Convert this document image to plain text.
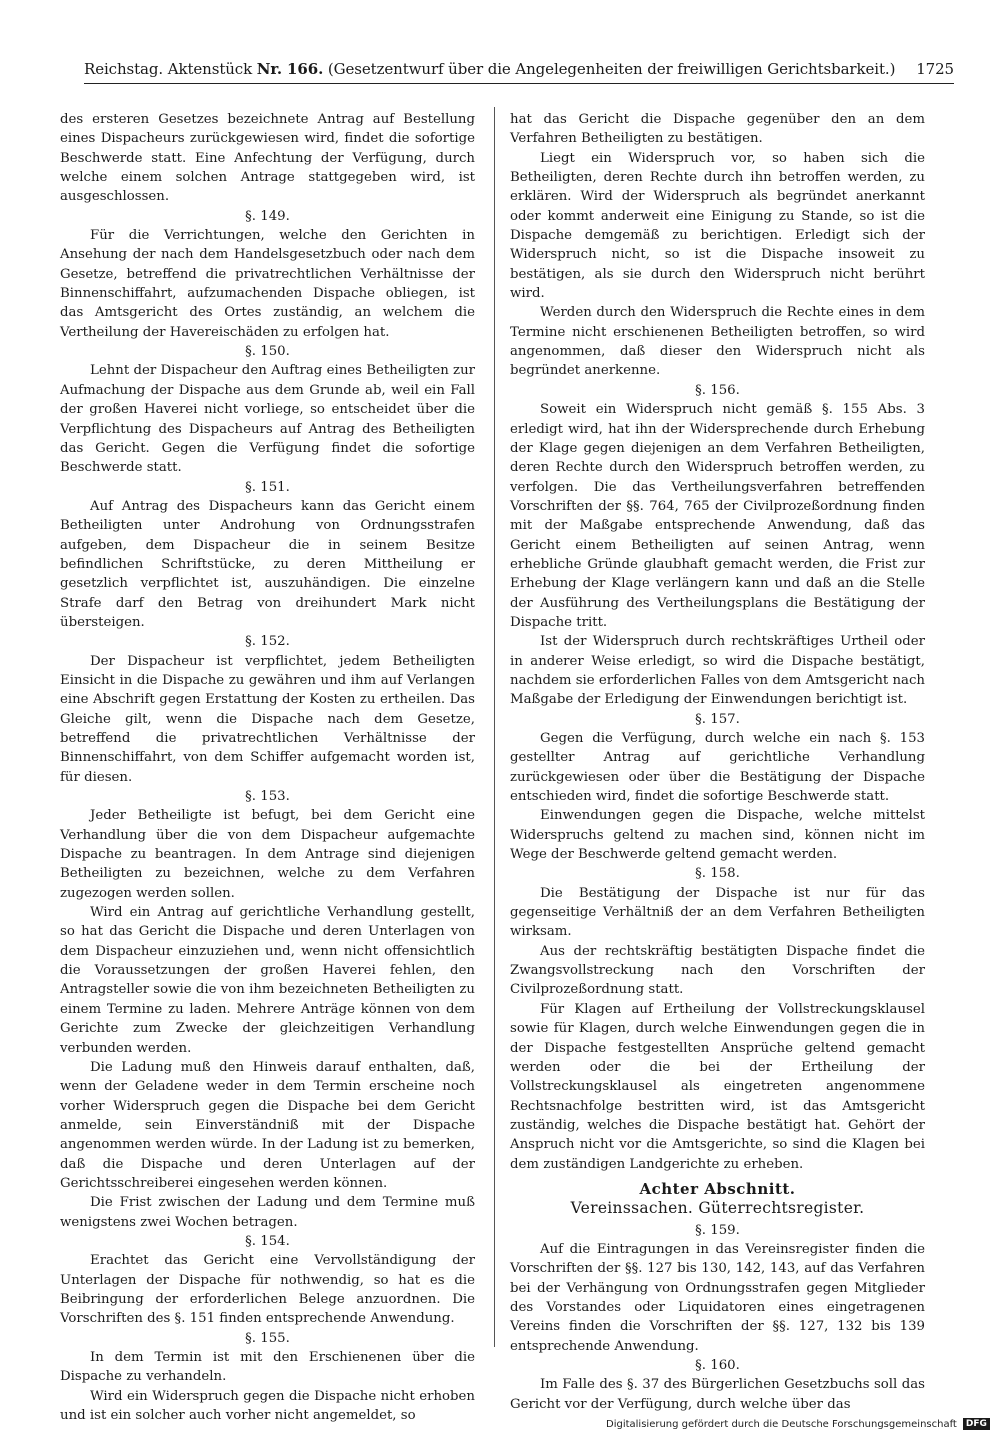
Reichstag. Aktenstück Nr. 166. (Gesetzentwurf über die Angelegenheiten der freiwilligen Gerichtsbarkeit.) 1725

des ersteren Gesetzes bezeichnete Antrag auf Bestellung eines Dispacheurs zurückgewiesen wird, findet die sofortige Beschwerde statt. Eine Anfechtung der Verfügung, durch welche einem solchen Antrage stattgegeben wird, ist ausgeschlossen.

§. 149.

Für die Verrichtungen, welche den Gerichten in Ansehung der nach dem Handelsgesetzbuch oder nach dem Gesetze, betreffend die privatrechtlichen Verhältnisse der Binnenschiffahrt, aufzumachenden Dispache obliegen, ist das Amtsgericht des Ortes zuständig, an welchem die Vertheilung der Havereischäden zu erfolgen hat.

§. 150.

Lehnt der Dispacheur den Auftrag eines Betheiligten zur Aufmachung der Dispache aus dem Grunde ab, weil ein Fall der großen Haverei nicht vorliege, so entscheidet über die Verpflichtung des Dispacheurs auf Antrag des Betheiligten das Gericht. Gegen die Verfügung findet die sofortige Beschwerde statt.

§. 151.

Auf Antrag des Dispacheurs kann das Gericht einem Betheiligten unter Androhung von Ordnungsstrafen aufgeben, dem Dispacheur die in seinem Besitze befindlichen Schriftstücke, zu deren Mittheilung er gesetzlich verpflichtet ist, auszuhändigen. Die einzelne Strafe darf den Betrag von dreihundert Mark nicht übersteigen.

§. 152.

Der Dispacheur ist verpflichtet, jedem Betheiligten Einsicht in die Dispache zu gewähren und ihm auf Verlangen eine Abschrift gegen Erstattung der Kosten zu ertheilen. Das Gleiche gilt, wenn die Dispache nach dem Gesetze, betreffend die privatrechtlichen Verhältnisse der Binnenschiffahrt, von dem Schiffer aufgemacht worden ist, für diesen.

§. 153.

Jeder Betheiligte ist befugt, bei dem Gericht eine Verhandlung über die von dem Dispacheur aufgemachte Dispache zu beantragen. In dem Antrage sind diejenigen Betheiligten zu bezeichnen, welche zu dem Verfahren zugezogen werden sollen.

Wird ein Antrag auf gerichtliche Verhandlung gestellt, so hat das Gericht die Dispache und deren Unterlagen von dem Dispacheur einzuziehen und, wenn nicht offensichtlich die Voraussetzungen der großen Haverei fehlen, den Antragsteller sowie die von ihm bezeichneten Betheiligten zu einem Termine zu laden. Mehrere Anträge können von dem Gerichte zum Zwecke der gleichzeitigen Verhandlung verbunden werden.

Die Ladung muß den Hinweis darauf enthalten, daß, wenn der Geladene weder in dem Termin erscheine noch vorher Widerspruch gegen die Dispache bei dem Gericht anmelde, sein Einverständniß mit der Dispache angenommen werden würde. In der Ladung ist zu bemerken, daß die Dispache und deren Unterlagen auf der Gerichtsschreiberei eingesehen werden können.

Die Frist zwischen der Ladung und dem Termine muß wenigstens zwei Wochen betragen.

§. 154.

Erachtet das Gericht eine Vervollständigung der Unterlagen der Dispache für nothwendig, so hat es die Beibringung der erforderlichen Belege anzuordnen. Die Vorschriften des §. 151 finden entsprechende Anwendung.

§. 155.

In dem Termin ist mit den Erschienenen über die Dispache zu verhandeln.

Wird ein Widerspruch gegen die Dispache nicht erhoben und ist ein solcher auch vorher nicht angemeldet, so

hat das Gericht die Dispache gegenüber den an dem Verfahren Betheiligten zu bestätigen.

Liegt ein Widerspruch vor, so haben sich die Betheiligten, deren Rechte durch ihn betroffen werden, zu erklären. Wird der Widerspruch als begründet anerkannt oder kommt anderweit eine Einigung zu Stande, so ist die Dispache demgemäß zu berichtigen. Erledigt sich der Widerspruch nicht, so ist die Dispache insoweit zu bestätigen, als sie durch den Widerspruch nicht berührt wird.

Werden durch den Widerspruch die Rechte eines in dem Termine nicht erschienenen Betheiligten betroffen, so wird angenommen, daß dieser den Widerspruch nicht als begründet anerkenne.

§. 156.

Soweit ein Widerspruch nicht gemäß §. 155 Abs. 3 erledigt wird, hat ihn der Widersprechende durch Erhebung der Klage gegen diejenigen an dem Verfahren Betheiligten, deren Rechte durch den Widerspruch betroffen werden, zu verfolgen. Die das Vertheilungsverfahren betreffenden Vorschriften der §§. 764, 765 der Civilprozeßordnung finden mit der Maßgabe entsprechende Anwendung, daß das Gericht einem Betheiligten auf seinen Antrag, wenn erhebliche Gründe glaubhaft gemacht werden, die Frist zur Erhebung der Klage verlängern kann und daß an die Stelle der Ausführung des Vertheilungsplans die Bestätigung der Dispache tritt.

Ist der Widerspruch durch rechtskräftiges Urtheil oder in anderer Weise erledigt, so wird die Dispache bestätigt, nachdem sie erforderlichen Falles von dem Amtsgericht nach Maßgabe der Erledigung der Einwendungen berichtigt ist.

§. 157.

Gegen die Verfügung, durch welche ein nach §. 153 gestellter Antrag auf gerichtliche Verhandlung zurückgewiesen oder über die Bestätigung der Dispache entschieden wird, findet die sofortige Beschwerde statt.

Einwendungen gegen die Dispache, welche mittelst Widerspruchs geltend zu machen sind, können nicht im Wege der Beschwerde geltend gemacht werden.

§. 158.

Die Bestätigung der Dispache ist nur für das gegenseitige Verhältniß der an dem Verfahren Betheiligten wirksam.

Aus der rechtskräftig bestätigten Dispache findet die Zwangsvollstreckung nach den Vorschriften der Civilprozeßordnung statt.

Für Klagen auf Ertheilung der Vollstreckungsklausel sowie für Klagen, durch welche Einwendungen gegen die in der Dispache festgestellten Ansprüche geltend gemacht werden oder die bei der Ertheilung der Vollstreckungsklausel als eingetreten angenommene Rechtsnachfolge bestritten wird, ist das Amtsgericht zuständig, welches die Dispache bestätigt hat. Gehört der Anspruch nicht vor die Amtsgerichte, so sind die Klagen bei dem zuständigen Landgerichte zu erheben.

Achter Abschnitt.

Vereinssachen. Güterrechtsregister.

§. 159.

Auf die Eintragungen in das Vereinsregister finden die Vorschriften der §§. 127 bis 130, 142, 143, auf das Verfahren bei der Verhängung von Ordnungsstrafen gegen Mitglieder des Vorstandes oder Liquidatoren eines eingetragenen Vereins finden die Vorschriften der §§. 127, 132 bis 139 entsprechende Anwendung.

§. 160.

Im Falle des §. 37 des Bürgerlichen Gesetzbuchs soll das Gericht vor der Verfügung, durch welche über das

Digitalisierung gefördert durch die Deutsche Forschungsgemeinschaft	DFG
